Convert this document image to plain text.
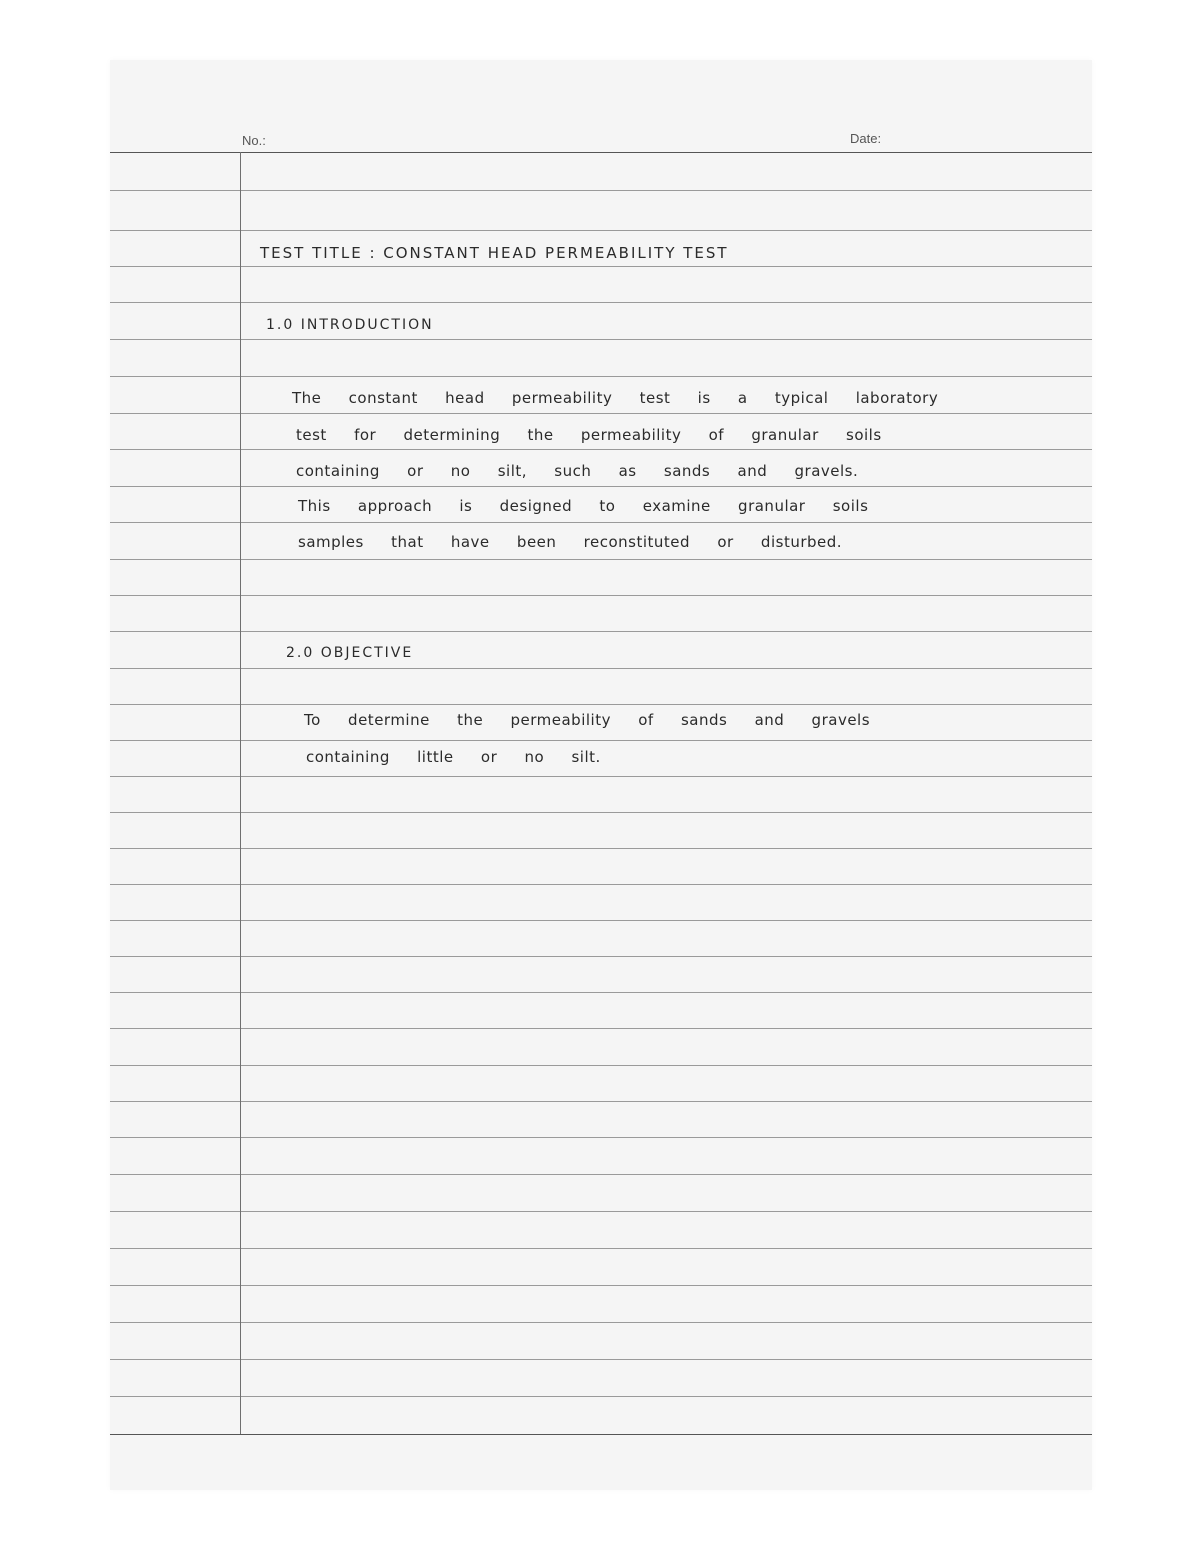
No.:	Date:
TEST TITLE : CONSTANT HEAD PERMEABILITY TEST
1.0 INTRODUCTION
The constant head permeability test is a typical laboratory
test for determining the permeability of granular soils
containing or no silt, such as sands and gravels.
This approach is designed to examine granular soils
samples that have been reconstituted or disturbed.
2.0 OBJECTIVE
To determine the permeability of sands and gravels
containing little or no silt.
